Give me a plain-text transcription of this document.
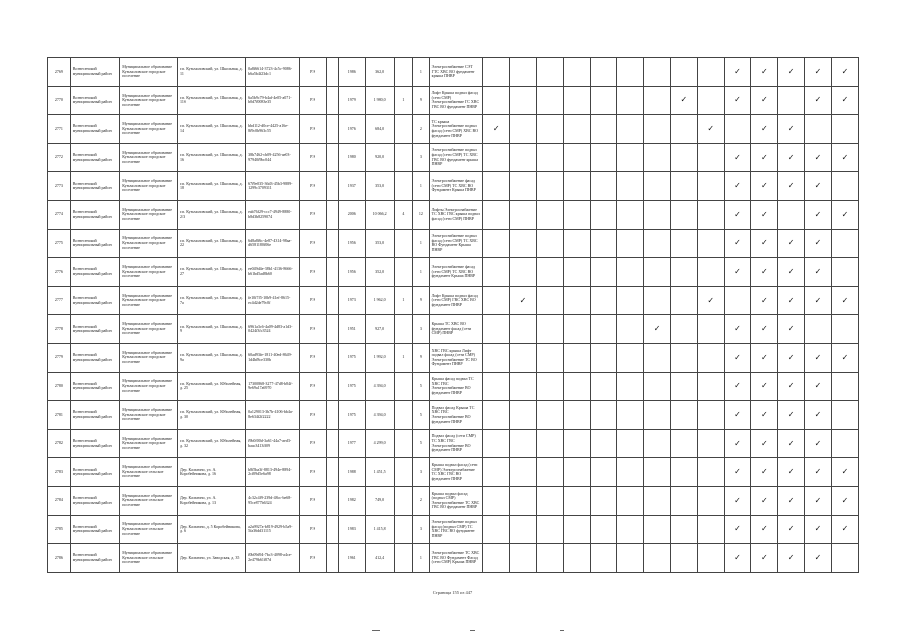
2769	Вознесенский муниципальный район	Муниципальное образование Кузьмоловское городское поселение	г.п. Кузьмоловский, ул. Школьная, д. 11	0a8f6614-3723-4c5c-9086-b6a5b4f23dc1	РЭ		1986	362,0		1	Электроснабжение СЭТ ГТС ХВС ВО фундамент крыша ПНВР										✓	✓	✓	✓	✓
2770	Вознесенский муниципальный район	Муниципальное образование Кузьмоловское городское поселение	г.п. Кузьмоловский, ул. Школьная, д. 11б	6a5b9c79-b4af-4e05-a071-b0d7f0083e35	РЭ		1979	1 980,0	1	9	Лифт Крыша подвал фасад (сети СМР) Электроснабжение ГС ХВС ГВС ВО фундамент ПНВР								✓		✓	✓		✓	✓
2771	Вознесенский муниципальный район	Муниципальное образование Кузьмоловское городское поселение	г.п. Кузьмоловский, ул. Школьная, д. 14	bbd112-d0ce-4425-a16e-8f9c0b963c55	РЭ		1976	684,0		2	ТС крыша Электроснабжение подвал фасад (сети СМР) ХВС ВО фундамент ПНВР	✓								✓		✓	✓		
2772	Вознесенский муниципальный район	Муниципальное образование Кузьмоловское городское поселение	г.п. Кузьмоловский, ул. Школьная, д. 16	38b7462-cb09-4256-ae03-97940f9bc044	РЭ		1980	920,0		3	Электроснабжение подвал фасад (сети СМР) ТС ХВС ГВС ВО фундамент крыша ПНВР										✓	✓	✓	✓	✓
2773	Вознесенский муниципальный район	Муниципальное образование Кузьмоловское городское поселение	г.п. Кузьмоловский, ул. Школьная, д. 18	67f9e035-36d3-45b3-9889-1299c3709311	РЭ		1937	353,0		1	Электроснабжение фасад (сети СМР) ТС ХВС ВО Фундамент Крыша ПНВР										✓	✓	✓	✓	
2774	Вознесенский муниципальный район	Муниципальное образование Кузьмоловское городское поселение	г.п. Кузьмоловский, ул. Школьная, д. 2/3	eab76f29-ccc7-4949-8880-b8d3b8259074	РЭ		2006	10 066,2	4	12	Лифты Электроснабжение ТС ХВС ГВС крыша подвал фасад (сети СМР) ПНВР										✓	✓		✓	✓
2775	Вознесенский муниципальный район	Муниципальное образование Кузьмоловское городское поселение	г.п. Кузьмоловский, ул. Школьная, д. 22	6d8a8f6c-4e87-4314-98aa-d6581180f06e	РЭ		1956	353,0		1	Электроснабжение подвал фасад (сети СМР) ТС ХВС ВО Фундамент Крыша ПНВР										✓	✓	✓	✓	
2776	Вознесенский муниципальный район	Муниципальное образование Кузьмоловское городское поселение	г.п. Кузьмоловский, ул. Школьная, д. 27	ee049d4e-38b1-4136-8666-b61bd5ad8b60	РЭ		1956	352,0		1	Электроснабжение фасад (сети СМР) ТС ХВС ВО фундамент Крыша ПНВР										✓	✓	✓	✓	
2777	Вознесенский муниципальный район	Муниципальное образование Кузьмоловское городское поселение	г.п. Кузьмоловский, ул. Школьная, д. 7а	fe10f7f5-10b9-41ef-8615-ec4d2de79c0f	РЭ		1973	1 962,0	1	9	Лифт Крыша подвал фасад (сети СМР) ГВС ХВС ВО фундамент ПНВР		✓							✓		✓	✓	✓	✓
2778	Вознесенский муниципальный район	Муниципальное образование Кузьмоловское городское поселение	г.п. Кузьмоловский, ул. Школьная, д. 9	6961a3c6-4a09-4d83-a1d3-0424f3fc3524	РЭ		1951	927,0		3	Крыша ТС ХВС ВО фундамент фасад (сети СМР) ПНВР							✓			✓	✓	✓		
2779	Вознесенский муниципальный район	Муниципальное образование Кузьмоловское городское поселение	г.п. Кузьмоловский, ул. Школьная, д. 9а	60ad93fe-1811-40ed-8649-1d4bf8ce330b	РЭ		1975	1 992,0	1	9	ХВС ГВС крыша Лифт подвал фасад (сети СМР) Электроснабжение ТС ВО Фундамент ПНВР										✓	✓	✓	✓	✓
2780	Вознесенский муниципальный район	Муниципальное образование Кузьмоловское городское поселение	г.п. Кузьмоловский, ул. Юбилейная, д. 25	17300868-3277-47d8-b84f-9e69a17a6970	РЭ		1975	4 394,0		5	Крыша фасад подвал ТС ХВС ГВС Электроснабжение ВО фундамент ПНВР										✓	✓	✓	✓	
2781	Вознесенский муниципальный район	Муниципальное образование Кузьмоловское городское поселение	г.п. Кузьмоловский, ул. Юбилейная, д. 30	0a129013-3b7b-4106-bb4a-8e634f2f2222	РЭ		1975	4 394,0		5	Подвал фасад Крыша ТС ХВС ГВС Электроснабжение ВО фундамент ПНВР										✓	✓	✓	✓	
2782	Вознесенский муниципальный район	Муниципальное образование Кузьмоловское городское поселение	г.п. Кузьмоловский, ул. Юбилейная, д. 32	f9b0f00d-3a61-44a7-aed3-baac3413ff09	РЭ		1977	4 299,0		5	Подвал фасад (сети СМР) ТС ХВС ГВС Электроснабжение ВО фундамент ПНВР										✓	✓	✓	✓	
2783	Вознесенский муниципальный район	Муниципальное образование Кузьмоловское сельское поселение	Дер. Кальтино, ул. А. Коробейникова, д. 16	b8f5ba3f-8813-494e-8894-2cf09d5e6a98	РЭ		1988	1 451,5		3	Крыша подвал фасад (сети СМР) Электроснабжение ТС ХВС ГВС ВО фундамент ПНВР										✓	✓	✓	✓	✓
2784	Вознесенский муниципальный район	Муниципальное образование Кузьмоловское сельское поселение	Дер. Кальтино, ул. А. Коробейникова, д. 13	4c32c4f9-239d-48cc-be68-95ce877b6324	РЭ		1982	749,0		2	Крыша подвал фасад (подвал СМР) Электроснабжение ТС ХВС ГВС ВО фундамент ПНВР										✓	✓	✓	✓	✓
2785	Вознесенский муниципальный район	Муниципальное образование Кузьмоловское сельское поселение	Дер. Кальтино, д. 5 Коробейникова, д. 6	a2a9927a-b819-4929-b5a9-5fa36dd31115	РЭ		1983	1 415,8		3	Электроснабжение подвал фасад (подвал СМР) ТС ХВС ГВС ВО фундамент ПНВР										✓	✓	✓	✓	✓
2786	Вознесенский муниципальный район	Муниципальное образование Кузьмоловское сельское поселение	Дер. Кальтино, ул. Заводская, д. 35	f0b09d94-7bc3-4098-a4ce-2e479b61f07d	РЭ		1961	412,4		1	Электроснабжение ТС ХВС ГВС ВО Фундамент Фасад (сети СМР) Крыша ПНВР										✓	✓	✓	✓	
Страница 155 из 447
